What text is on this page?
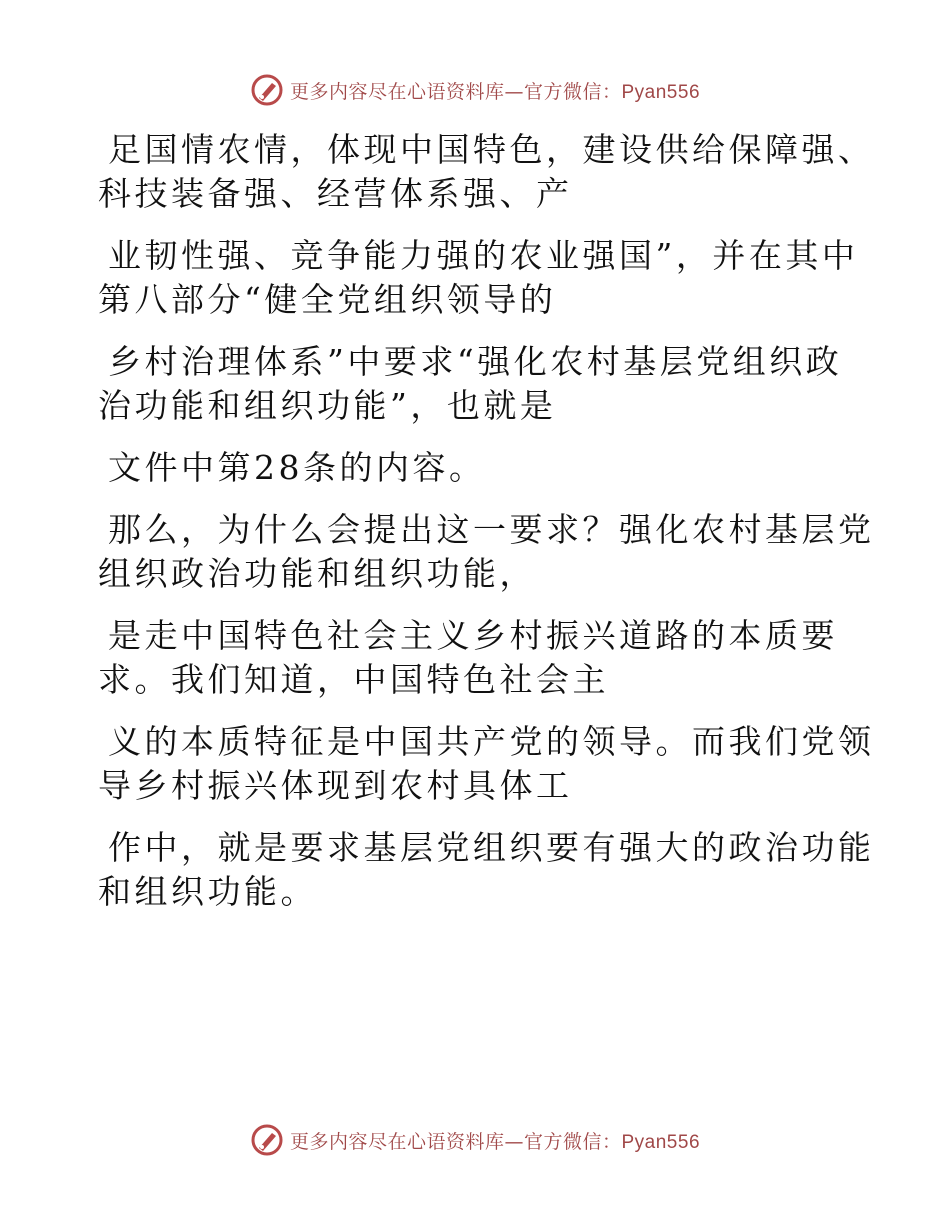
更多内容尽在心语资料库—官方微信：Pyan556
足国情农情，体现中国特色，建设供给保障强、
科技装备强、经营体系强、产
业韧性强、竞争能力强的农业强国”，并在其中
第八部分“健全党组织领导的
乡村治理体系”中要求“强化农村基层党组织政
治功能和组织功能”，也就是
文件中第28条的内容。
那么，为什么会提出这一要求？强化农村基层党
组织政治功能和组织功能，
是走中国特色社会主义乡村振兴道路的本质要
求。我们知道，中国特色社会主
义的本质特征是中国共产党的领导。而我们党领
导乡村振兴体现到农村具体工
作中，就是要求基层党组织要有强大的政治功能
和组织功能。
更多内容尽在心语资料库—官方微信：Pyan556
